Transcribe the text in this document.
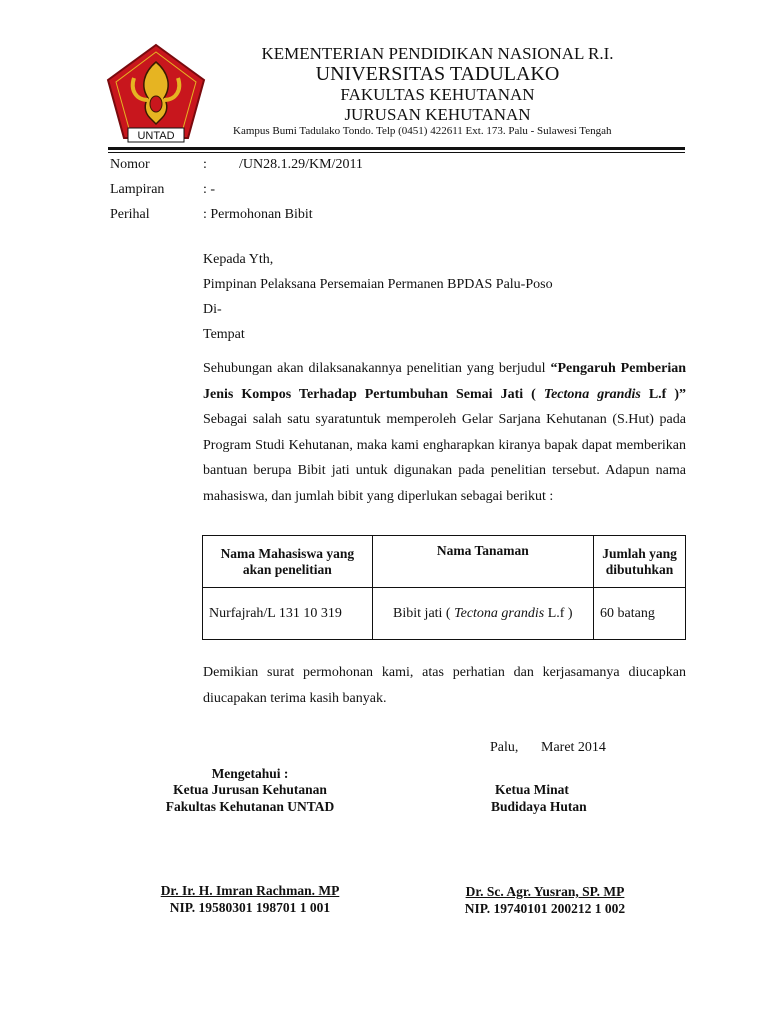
UNTAD
KEMENTERIAN PENDIDIKAN NASIONAL R.I.
UNIVERSITAS TADULAKO
FAKULTAS KEHUTANAN
JURUSAN KEHUTANAN
Kampus Bumi Tadulako Tondo. Telp (0451) 422611 Ext. 173. Palu - Sulawesi Tengah
Nomor	: /UN28.1.29/KM/2011
Lampiran	: -
Perihal	: Permohonan Bibit
Kepada Yth,
Pimpinan Pelaksana Persemaian Permanen BPDAS Palu-Poso
Di-
Tempat
Sehubungan akan dilaksanakannya penelitian yang berjudul “Pengaruh Pemberian Jenis Kompos Terhadap Pertumbuhan Semai Jati ( Tectona grandis L.f )” Sebagai salah satu syaratuntuk memperoleh Gelar Sarjana Kehutanan (S.Hut) pada Program Studi Kehutanan, maka kami engharapkan kiranya bapak dapat memberikan bantuan berupa Bibit jati untuk digunakan pada penelitian tersebut. Adapun nama mahasiswa, dan jumlah bibit yang diperlukan sebagai berikut :
Nama Mahasiswa yang akan penelitian	Nama Tanaman	Jumlah yang dibutuhkan
Nurfajrah/L 131 10 319	Bibit jati ( Tectona grandis L.f )	60 batang
Demikian surat permohonan kami, atas perhatian dan kerjasamanya diucapkan diucapakan terima kasih banyak.
Palu, Maret 2014
Mengetahui :
Ketua Jurusan Kehutanan
Fakultas Kehutanan UNTAD
Dr. Ir. H. Imran Rachman. MP
NIP. 19580301 198701 1 001
Ketua Minat
Budidaya Hutan
Dr. Sc. Agr. Yusran, SP. MP
NIP. 19740101 200212 1 002
